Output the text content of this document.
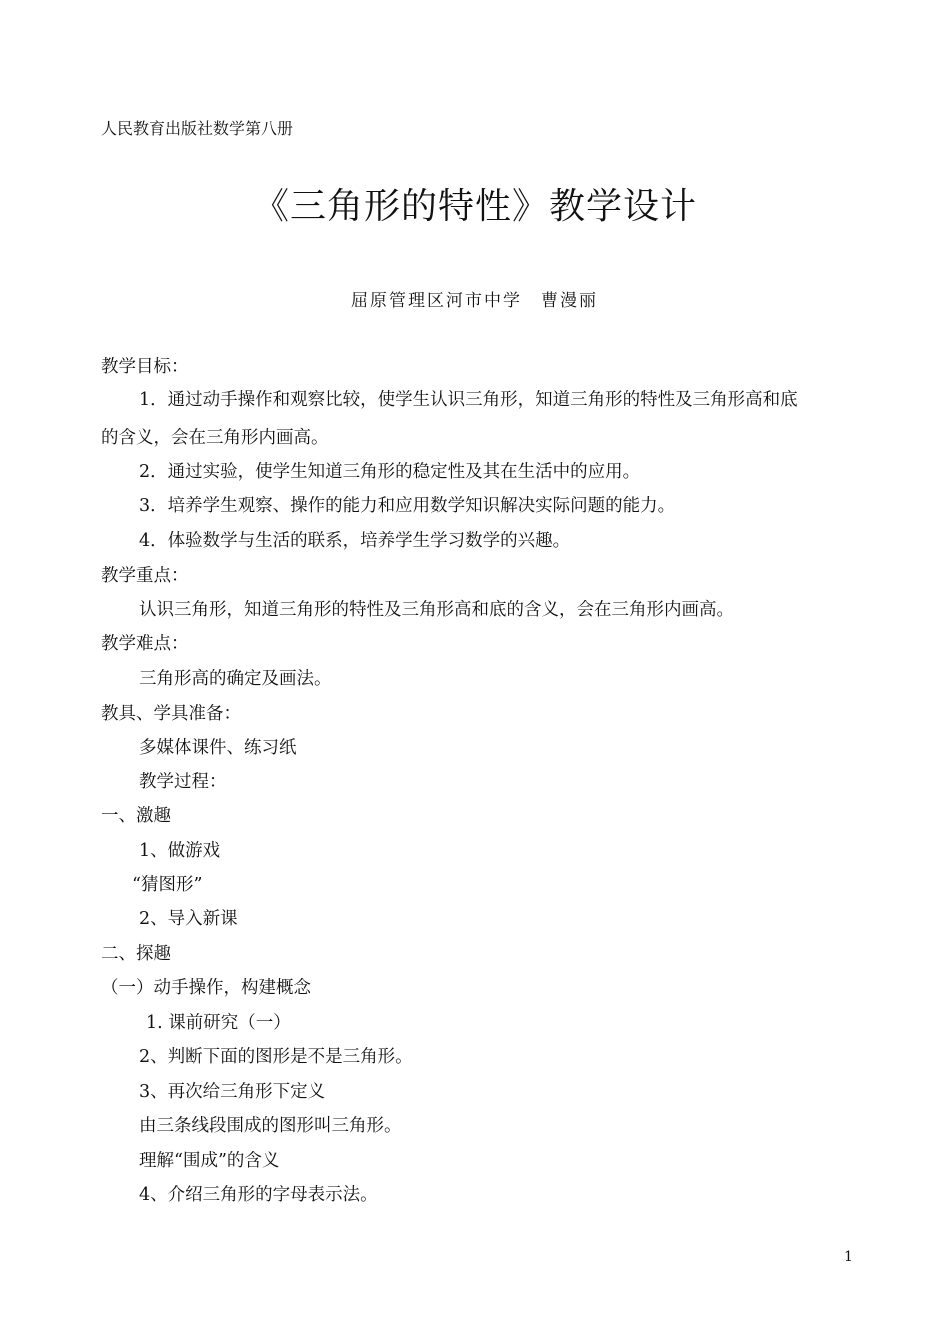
人民教育出版社数学第八册
《三角形的特性》教学设计
屈原管理区河市中学　曹漫丽
教学目标：
1．通过动手操作和观察比较，使学生认识三角形，知道三角形的特性及三角形高和底
的含义，会在三角形内画高。
2．通过实验，使学生知道三角形的稳定性及其在生活中的应用。
3．培养学生观察、操作的能力和应用数学知识解决实际问题的能力。
4．体验数学与生活的联系，培养学生学习数学的兴趣。
教学重点：
认识三角形，知道三角形的特性及三角形高和底的含义，会在三角形内画高。
教学难点：
三角形高的确定及画法。
教具、学具准备：
多媒体课件、练习纸
教学过程：
一、激趣
1、做游戏
“猜图形”
2、导入新课
二、探趣
（一）动手操作，构建概念
1. 课前研究（一）
2、判断下面的图形是不是三角形。
3、再次给三角形下定义
由三条线段围成的图形叫三角形。
理解“围成”的含义
4、介绍三角形的字母表示法。
1
